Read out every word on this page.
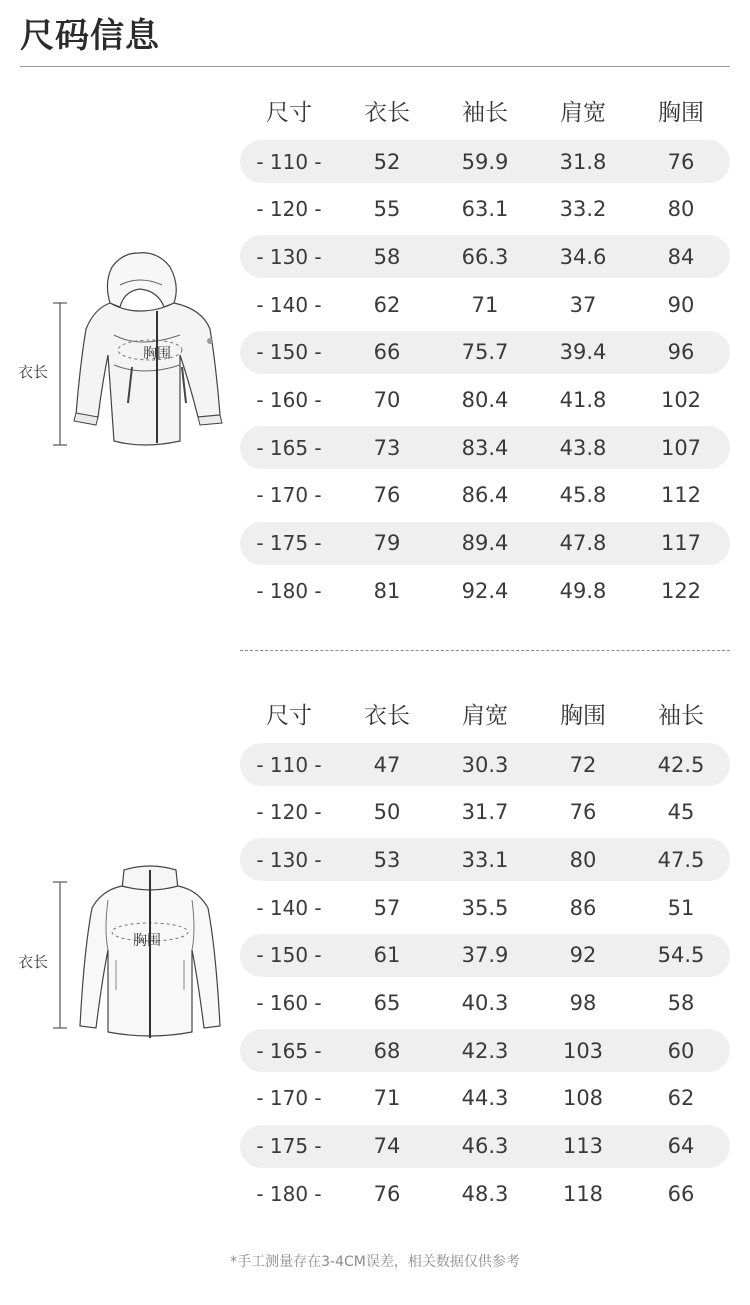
尺码信息
衣长
胸围
尺寸	衣长	袖长	肩宽	胸围
- 110 -	52	59.9	31.8	76
- 120 -	55	63.1	33.2	80
- 130 -	58	66.3	34.6	84
- 140 -	62	71	37	90
- 150 -	66	75.7	39.4	96
- 160 -	70	80.4	41.8	102
- 165 -	73	83.4	43.8	107
- 170 -	76	86.4	45.8	112
- 175 -	79	89.4	47.8	117
- 180 -	81	92.4	49.8	122
衣长
胸围
尺寸	衣长	肩宽	胸围	袖长
- 110 -	47	30.3	72	42.5
- 120 -	50	31.7	76	45
- 130 -	53	33.1	80	47.5
- 140 -	57	35.5	86	51
- 150 -	61	37.9	92	54.5
- 160 -	65	40.3	98	58
- 165 -	68	42.3	103	60
- 170 -	71	44.3	108	62
- 175 -	74	46.3	113	64
- 180 -	76	48.3	118	66
*手工测量存在3-4CM误差，相关数据仅供参考
